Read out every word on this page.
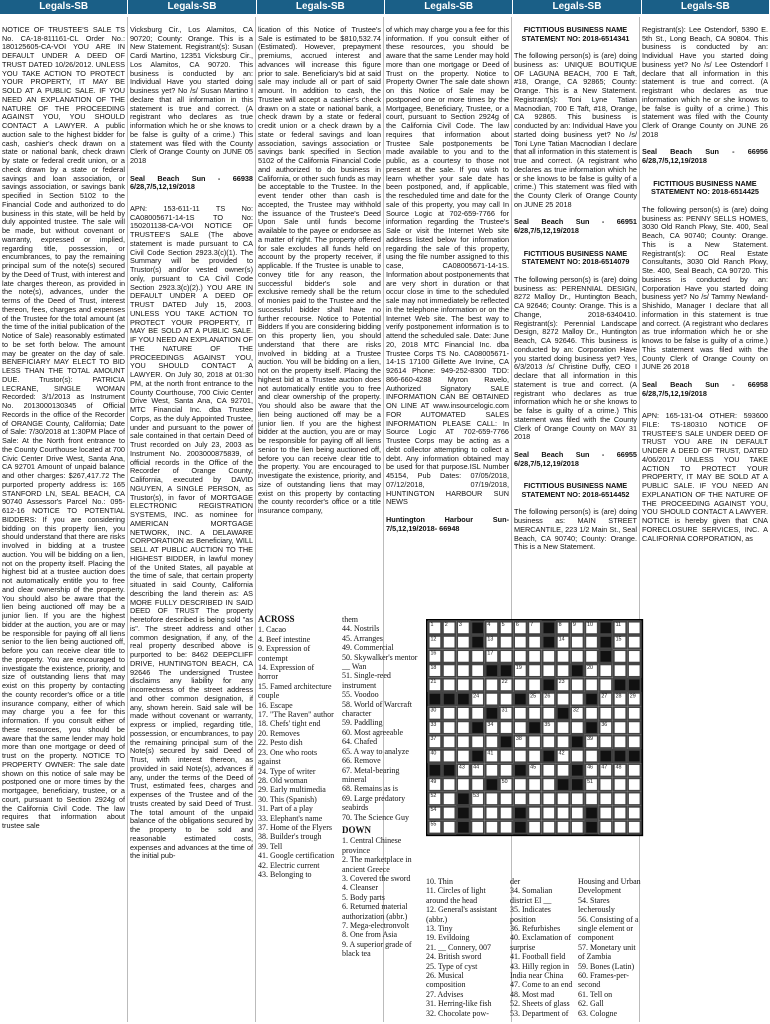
Legals-SB	Legals-SB	Legals-SB	Legals-SB	Legals-SB	Legals-SB

NOTICE OF TRUSTEE'S SALE TS No. CA-18-811161-CL Order No.: 180125605-CA-VOI YOU ARE IN DEFAULT UNDER A DEED OF TRUST DATED 10/26/2012. UNLESS YOU TAKE ACTION TO PROTECT YOUR PROPERTY, IT MAY BE SOLD AT A PUBLIC SALE. IF YOU NEED AN EXPLANATION OF THE NATURE OF THE PROCEEDING AGAINST YOU, YOU SHOULD CONTACT A LAWYER. A public auction sale to the highest bidder for cash, cashier's check drawn on a state or national bank, check drawn by state or federal credit union, or a check drawn by a state or federal savings and loan association, or savings association, or savings bank specified in Section 5102 to the Financial Code and authorized to do business in this state, will be held by duly appointed trustee. The sale will be made, but without covenant or warranty, expressed or implied, regarding title, possession, or encumbrances, to pay the remaining principal sum of the note(s) secured by the Deed of Trust, with interest and late charges thereon, as provided in the note(s), advances, under the terms of the Deed of Trust, interest thereon, fees, charges and expenses of the Trustee for the total amount (at the time of the initial publication of the Notice of Sale) reasonably estimated to be set forth below. The amount may be greater on the day of sale. BENEFICIARY MAY ELECT TO BID LESS THAN THE TOTAL AMOUNT DUE. Trustor(s): PATRICIA LECRANE, SINGLE WOMAN Recorded: 3/1/2013 as Instrument No. 2013000130345 of Official Records in the office of the Recorder of ORANGE County, California; Date of Sale: 7/30/2018 at 1:30PM Place of Sale: At the North front entrance to the County Courthouse located at 700 Civic Center Drive West, Santa Ana, CA 92701 Amount of unpaid balance and other charges: $267,417.72 The purported property address is: 165 STANFORD LN, SEAL BEACH, CA 90740 Assessor's Parcel No.: 095-612-16 NOTICE TO POTENTIAL BIDDERS: If you are considering bidding on this property lien, you should understand that there are risks involved in bidding at a trustee auction. You will be bidding on a lien, not on the property itself. Placing the highest bid at a trustee auction does not automatically entitle you to free and clear ownership of the property. You should also be aware that the lien being auctioned off may be a junior lien. If you are the highest bidder at the auction, you are or may be responsible for paying off all liens senior to the lien being auctioned off, before you can receive clear title to the property. You are encouraged to investigate the existence, priority, and size of outstanding liens that may exist on this property by contacting the county recorder's office or a title insurance company, either of which may charge you a fee for this information. If you consult either of these resources, you should be aware that the same lender may hold more than one mortgage or deed of trust on the property. NOTICE TO PROPERTY OWNER: The sale date shown on this notice of sale may be postponed one or more times by the mortgagee, beneficiary, trustee, or a court, pursuant to Section 2924g of the California Civil Code. The law requires that information about trustee sale

Vicksburg Cir., Los Alamitos, CA 90720; County: Orange. This is a New Statement. Registrant(s): Susan Cardi Martino, 12351 Vicksburg Cir., Los Alamitos, CA 90720. This business is conducted by an: Individual Have you started doing business yet? No /s/ Susan Martino I declare that all information in this statement is true and correct. (A registrant who declares as true information which he or she knows to be false is guilty of a crime.) This statement was filed with the County Clerk of Orange County on JUNE 05 2018

Seal Beach Sun - 66938 6/28,7/5,12,19/2018

APN: 153-611-11 TS No: CA08005671-14-1S TO No: 150201138-CA-VOI NOTICE OF TRUSTEE'S SALE (The above statement is made pursuant to CA Civil Code Section 2923.3(c)(1). The Summary will be provided to Trustor(s) and/or vested owner(s) only, pursuant to CA Civil Code Section 2923.3(c)(2).) YOU ARE IN DEFAULT UNDER A DEED OF TRUST DATED July 15, 2003. UNLESS YOU TAKE ACTION TO PROTECT YOUR PROPERTY, IT MAY BE SOLD AT A PUBLIC SALE. IF YOU NEED AN EXPLANATION OF THE NATURE OF THE PROCEEDINGS AGAINST YOU, YOU SHOULD CONTACT A LAWYER. On July 30, 2018 at 01:30 PM, at the north front entrance to the County Courthouse, 700 Civic Center Drive West, Santa Ana, CA 92701, MTC Financial Inc. dba Trustee Corps, as the duly Appointed Trustee, under and pursuant to the power of sale contained in that certain Deed of Trust recorded on July 23, 2003 as Instrument No. 2003000875839, of official records in the Office of the Recorder of Orange County, California, executed by DAVID NGUYEN, A SINGLE PERSON, as Trustor(s), in favor of MORTGAGE ELECTRONIC REGISTRATION SYSTEMS, INC. as nominee for AMERICAN MORTGAGE NETWORK, INC. A DELAWARE CORPORATION as Beneficiary, WILL SELL AT PUBLIC AUCTION TO THE HIGHEST BIDDER, in lawful money of the United States, all payable at the time of sale, that certain property situated in said County, California describing the land therein as: AS MORE FULLY DESCRIBED IN SAID DEED OF TRUST The property heretofore described is being sold "as is". The street address and other common designation, if any, of the real property described above is purported to be: 8462 DEEPCLIFF DRIVE, HUNTINGTON BEACH, CA 92646 The undersigned Trustee disclaims any liability for any incorrectness of the street address and other common designation, if any, shown herein. Said sale will be made without covenant or warranty, express or implied, regarding title, possession, or encumbrances, to pay the remaining principal sum of the Note(s) secured by said Deed of Trust, with interest thereon, as provided in said Note(s), advances if any, under the terms of the Deed of Trust, estimated fees, charges and expenses of the Trustee and of the trusts created by said Deed of Trust. The total amount of the unpaid balance of the obligations secured by the property to be sold and reasonable estimated costs, expenses and advances at the time of the initial pub-

lication of this Notice of Trustee's Sale is estimated to be $810,532.74 (Estimated). However, prepayment premiums, accrued interest and advances will increase this figure prior to sale. Beneficiary's bid at said sale may include all or part of said amount. In addition to cash, the Trustee will accept a cashier's check drawn on a state or national bank, a check drawn by a state or federal credit union or a check drawn by a state or federal savings and loan association, savings association or savings bank specified in Section 5102 of the California Financial Code and authorized to do business in California, or other such funds as may be acceptable to the Trustee. In the event tender other than cash is accepted, the Trustee may withhold the issuance of the Trustee's Deed Upon Sale until funds become available to the payee or endorsee as a matter of right. The property offered for sale excludes all funds held on account by the property receiver, if applicable. If the Trustee is unable to convey title for any reason, the successful bidder's sole and exclusive remedy shall be the return of monies paid to the Trustee and the successful bidder shall have no further recourse. Notice to Potential Bidders If you are considering bidding on this property lien, you should understand that there are risks involved in bidding at a Trustee auction. You will be bidding on a lien, not on the property itself. Placing the highest bid at a Trustee auction does not automatically entitle you to free and clear ownership of the property. You should also be aware that the lien being auctioned off may be a junior lien. If you are the highest bidder at the auction, you are or may be responsible for paying off all liens senior to the lien being auctioned off, before you can receive clear title to the property. You are encouraged to investigate the existence, priority, and size of outstanding liens that may exist on this property by contacting the county recorder's office or a title insurance company,

of which may charge you a fee for this information. If you consult either of these resources, you should be aware that the same Lender may hold more than one mortgage or Deed of Trust on the property. Notice to Property Owner The sale date shown on this Notice of Sale may be postponed one or more times by the Mortgagee, Beneficiary, Trustee, or a court, pursuant to Section 2924g of the California Civil Code. The law requires that information about Trustee Sale postponements be made available to you and to the public, as a courtesy to those not present at the sale. If you wish to learn whether your sale date has been postponed, and, if applicable, the rescheduled time and date for the sale of this property, you may call In Source Logic at 702-659-7766 for information regarding the Trustee's Sale or visit the Internet Web site address listed below for information regarding the sale of this property, using the file number assigned to this case, CA08005671-14-1S. Information about postponements that are very short in duration or that occur close in time to the scheduled sale may not immediately be reflected in the telephone information or on the Internet Web site. The best way to verify postponement information is to attend the scheduled sale. Date: June 20, 2018 MTC Financial Inc. dba Trustee Corps TS No. CA08005671-14-1S 17100 Gillette Ave Irvine, CA 92614 Phone: 949-252-8300 TDD: 866-660-4288 Myron Ravelo, Authorized Signatory SALE INFORMATION CAN BE OBTAINED ON LINE AT www.insourcelogic.com FOR AUTOMATED SALES INFORMATION PLEASE CALL: In Source Logic AT 702-659-7766 Trustee Corps may be acting as a debt collector attempting to collect a debt. Any information obtained may be used for that purpose.ISL Number 45154, Pub Dates: 07/05/2018, 07/12/2018, 07/19/2018, HUNTINGTON HARBOUR SUN NEWS

Huntington Harbour Sun-7/5,12,19/2018- 66948

FICTITIOUS BUSINESS NAME STATEMENT NO: 2018-6514341

The following person(s) is (are) doing business as: UNIQUE BOUTIQUE OF LAGUNA BEACH, 700 E Taft, #18, Orange, CA 92865; County: Orange. This is a New Statement. Registrant(s): Toni Lyne Tatian Macnodian, 700 E Taft, #18, Orange, CA 92865. This business is conducted by an: Individual Have you started doing business yet? No /s/ Toni Lyne Tatian Macnodian I declare that all information in this statement is true and correct. (A registrant who declares as true information which he or she knows to be false is guilty of a crime.) This statement was filed with the County Clerk of Orange County on JUNE 25 2018

Seal Beach Sun - 66951 6/28,7/5,12,19/2018

FICTITIOUS BUSINESS NAME STATEMENT NO: 2018-6514079

The following person(s) is (are) doing business as: PERENNIAL DESIGN, 8272 Malloy Dr., Huntington Beach, CA 92646; County: Orange. This is a Change, 2018-6340410. Registrant(s): Perennial Landscape Design, 8272 Malloy Dr., Huntington Beach, CA 92646. This business is conducted by an: Corporation Have you started doing business yet? Yes, 6/3/2013 /s/ Christine Duffy, CEO I declare that all information in this statement is true and correct. (A registrant who declares as true information which he or she knows to be false is guilty of a crime.) This statement was filed with the County Clerk of Orange County on MAY 31 2018

Seal Beach Sun - 66955 6/28,7/5,12,19/2018

FICTITIOUS BUSINESS NAME STATEMENT NO: 2018-6514452

The following person(s) is (are) doing business as: MAIN STREET MERCANTILE, 223 1/2 Main St., Seal Beach, CA 90740; County: Orange. This is a New Statement.

ACROSS
1. Cacao
4. Beef intestine
9. Expression of contempt
14. Expression of horror
15. Famed architecture couple
16. Escape
17. "The Raven" author
18. Chefs' tight end
20. Removes
22. Pesto dish
23. One who roots against
24. Type of writer
28. Old woman
29. Early multimedia
30. This (Spanish)
31. Part of a play
33. Elephant's name
37. Home of the Flyers
38. Builder's trough
39. Tell
41. Google certification
42. Electric current
43. Belonging to
them
44. Nostrils
45. Arranges
49. Commercial
50. Skywalker's mentor __ Wan
51. Single-reed instrument
55. Voodoo
58. World of Warcraft character
59. Paddling
60. Most agreeable
64. Chafed
65. A way to analyze
66. Remove
67. Metal-bearing mineral
68. Remains as is
69. Large predatory seabirds
70. The Science Guy
DOWN
1. Central Chinese province
2. The marketplace in ancient Greece
3. Covered the sword
4. Cleanser
5. Body parts
6. Returned material authorization (abbr.)
7. Mega-electronvolt
8. One from Asia
9. A superior grade of black tea
10. Thin
11. Circles of light around the head
12. General's assistant (abbr.)
13. Tiny
19. Evildoing
21. __ Connery, 007
24. British sword
25. Type of cyst
26. Musical composition
27. Advises
31. Herring-like fish
32. Chocolate pow-
der
34. Somalian district El __
35. Indicates position
36. Refurbishes
40. Exclamation of surprise
41. Football field
43. Hilly region in India near China
47. Come to an end
48. Most mad
52. Sheets of glass
53. Department of
Housing and Urban Development
54. Stares lecherously
56. Consisting of a single element or component
57. Monetary unit of Zambia
59. Bones (Latin)
60. Frames-per-second
61. Tell on
62. Gall
63. Cologne
1	2	3	4	5	6	7	8	9	10	11
12	13	14	15
16	17
18	19	20
21	22	23
24	25	26	27	28	29
30	31	32
33	34	35	36
37	38	39
40	41	42
43	44	45	46	47	48
49	50	51
52	53
54
55

Registrant(s): Lee Ostendorf, 5390 E. 5th St., Long Beach, CA 90804. This business is conducted by an: Individual Have you started doing business yet? No /s/ Lee Ostendorf I declare that all information in this statement is true and correct. (A registrant who declares as true information which he or she knows to be false is guilty of a crime.) This statement was filed with the County Clerk of Orange County on JUNE 26 2018

Seal Beach Sun - 66956 6/28,7/5,12,19/2018

FICTITIOUS BUSINESS NAME STATEMENT NO: 2018-6514425

The following person(s) is (are) doing business as: PENNY SELLS HOMES, 3030 Old Ranch Pkwy, Ste. 400, Seal Beach, CA 90740; County: Orange. This is a New Statement. Registrant(s): OC Real Estate Consultants, 3030 Old Ranch Pkwy, Ste. 400, Seal Beach, CA 90720. This business is conducted by an: Corporation Have you started doing business yet? No /s/ Tammy Newland-Shishido, Manager I declare that all information in this statement is true and correct. (A registrant who declares as true information which he or she knows to be false is guilty of a crime.) This statement was filed with the County Clerk of Orange County on JUNE 26 2018

Seal Beach Sun - 66958 6/28,7/5,12,19/2018

APN: 165-131-04 OTHER: 593600 FILE: TS-180310 NOTICE OF TRUSTEE'S SALE UNDER DEED OF TRUST YOU ARE IN DEFAULT UNDER A DEED OF TRUST, DATED 4/06/2017 UNLESS YOU TAKE ACTION TO PROTECT YOUR PROPERTY, IT MAY BE SOLD AT A PUBLIC SALE. IF YOU NEED AN EXPLANATION OF THE NATURE OF THE PROCEEDING AGAINST YOU, YOU SHOULD CONTACT A LAWYER. NOTICE is hereby given that CNA FORECLOSURE SERVICES, INC. A CALIFORNIA CORPORATION, as
